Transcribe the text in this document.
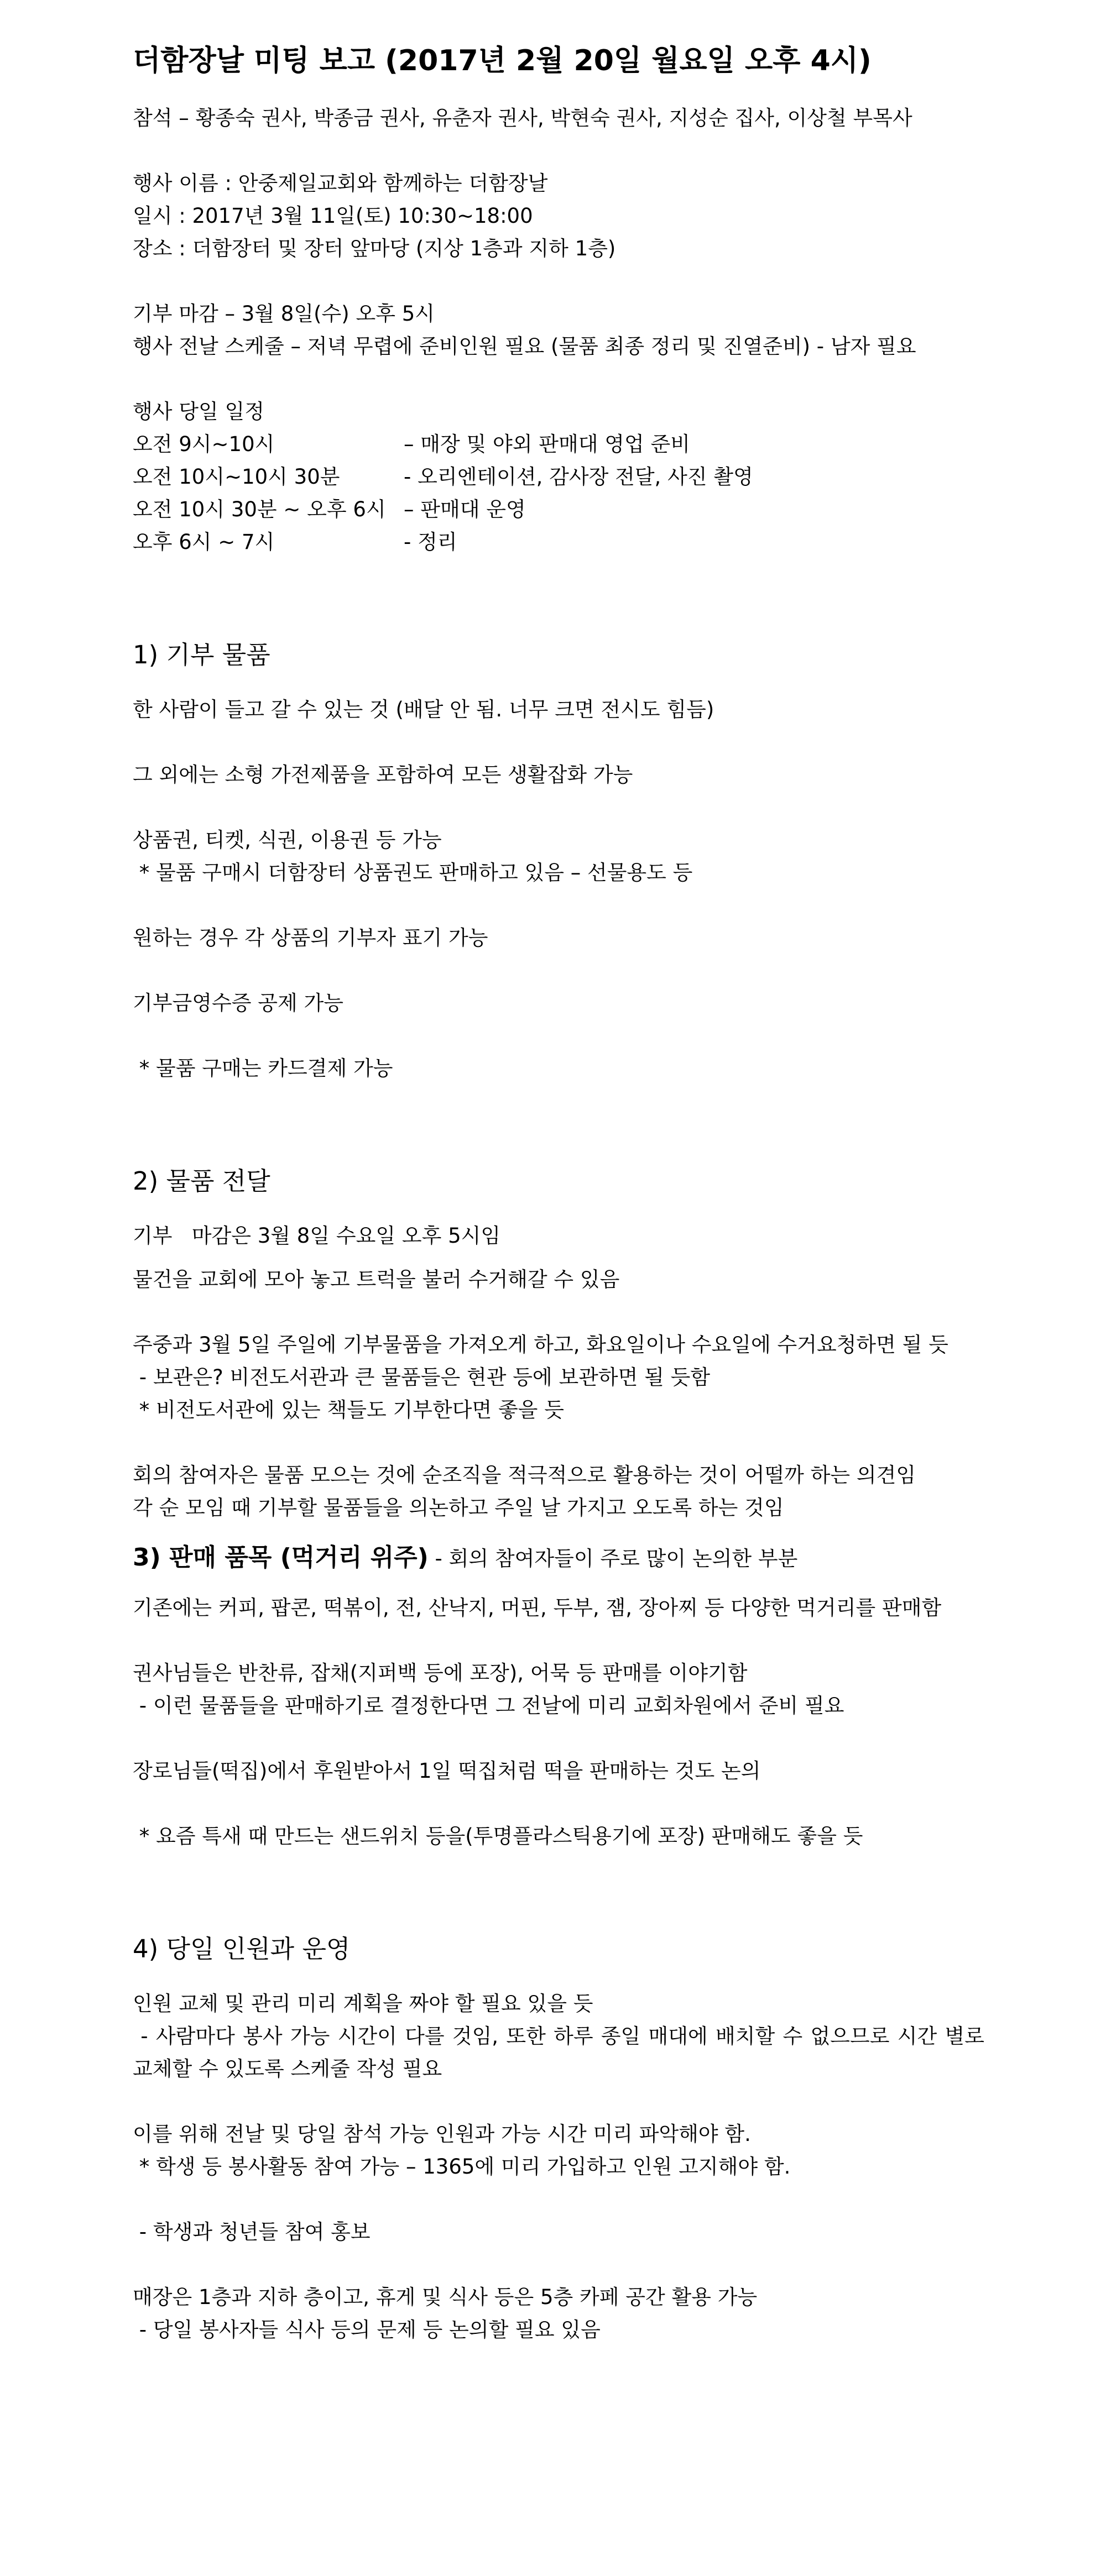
더함장날 미팅 보고 (2017년 2월 20일 월요일 오후 4시)
참석 – 황종숙 권사, 박종금 권사, 유춘자 권사, 박현숙 권사, 지성순 집사, 이상철 부목사
행사 이름 : 안중제일교회와 함께하는 더함장날
일시 : 2017년 3월 11일(토) 10:30~18:00
장소 : 더함장터 및 장터 앞마당 (지상 1층과 지하 1층)
기부 마감 – 3월 8일(수) 오후 5시
행사 전날 스케줄 – 저녁 무렵에 준비인원 필요 (물품 최종 정리 및 진열준비) - 남자 필요
행사 당일 일정
오전 9시~10시	– 매장 및 야외 판매대 영업 준비
오전 10시~10시 30분	- 오리엔테이션, 감사장 전달, 사진 촬영
오전 10시 30분 ~ 오후 6시 – 판매대 운영
오후 6시 ~ 7시	- 정리
1) 기부 물품
한 사람이 들고 갈 수 있는 것 (배달 안 됨. 너무 크면 전시도 힘듬)
그 외에는 소형 가전제품을 포함하여 모든 생활잡화 가능
상품권, 티켓, 식권, 이용권 등 가능
* 물품 구매시 더함장터 상품권도 판매하고 있음 – 선물용도 등
원하는 경우 각 상품의 기부자 표기 가능
기부금영수증 공제 가능
* 물품 구매는 카드결제 가능
2) 물품 전달
기부   마감은 3월 8일 수요일 오후 5시임
물건을 교회에 모아 놓고 트럭을 불러 수거해갈 수 있음
주중과 3월 5일 주일에 기부물품을 가져오게 하고, 화요일이나 수요일에 수거요청하면 될 듯
- 보관은? 비전도서관과 큰 물품들은 현관 등에 보관하면 될 듯함
* 비전도서관에 있는 책들도 기부한다면 좋을 듯
회의 참여자은 물품 모으는 것에 순조직을 적극적으로 활용하는 것이 어떨까 하는 의견임
각 순 모임 때 기부할 물품들을 의논하고 주일 날 가지고 오도록 하는 것임
3) 판매 품목 (먹거리 위주) - 회의 참여자들이 주로 많이 논의한 부분
기존에는 커피, 팝콘, 떡볶이, 전, 산낙지, 머핀, 두부, 잼, 장아찌 등 다양한 먹거리를 판매함
권사님들은 반찬류, 잡채(지퍼백 등에 포장), 어묵 등 판매를 이야기함
- 이런 물품들을 판매하기로 결정한다면 그 전날에 미리 교회차원에서 준비 필요
장로님들(떡집)에서 후원받아서 1일 떡집처럼 떡을 판매하는 것도 논의
* 요즘 특새 때 만드는 샌드위치 등을(투명플라스틱용기에 포장) 판매해도 좋을 듯
4) 당일 인원과 운영
인원 교체 및 관리 미리 계획을 짜야 할 필요 있을 듯
- 사람마다 봉사 가능 시간이 다를 것임, 또한 하루 종일 매대에 배치할 수 없으므로 시간 별로 교체할 수 있도록 스케줄 작성 필요
이를 위해 전날 및 당일 참석 가능 인원과 가능 시간 미리 파악해야 함.
* 학생 등 봉사활동 참여 가능 – 1365에 미리 가입하고 인원 고지해야 함.
- 학생과 청년들 참여 홍보
매장은 1층과 지하 층이고, 휴게 및 식사 등은 5층 카페 공간 활용 가능
- 당일 봉사자들 식사 등의 문제 등 논의할 필요 있음
